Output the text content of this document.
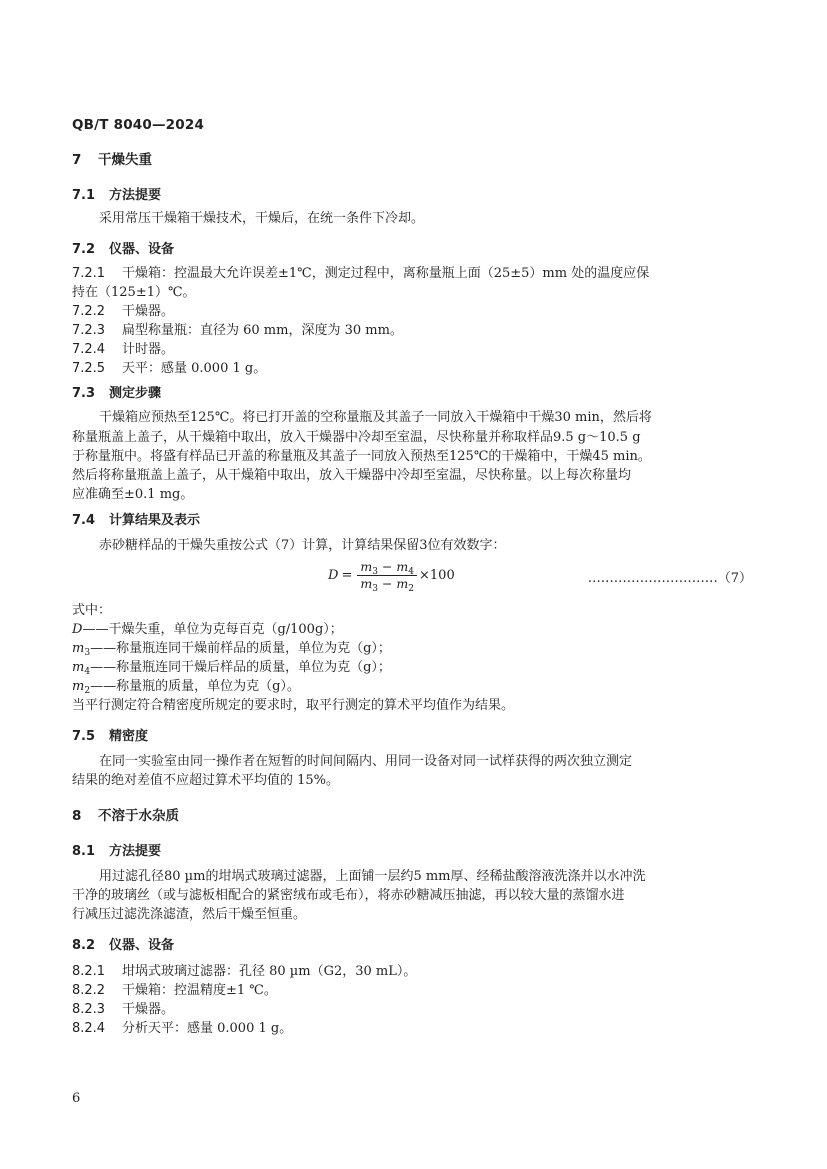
QB/T 8040—2024
7 干燥失重
7.1 方法提要

采用常压干燥箱干燥技术，干燥后，在统一条件下冷却。

7.2 仪器、设备

7.2.1 干燥箱：控温最大允许误差±1℃，测定过程中，离称量瓶上面（25±5）mm 处的温度应保

持在（125±1）℃。

7.2.2 干燥器。

7.2.3 扁型称量瓶：直径为 60 mm，深度为 30 mm。

7.2.4 计时器。

7.2.5 天平：感量 0.000 1 g。

7.3 测定步骤

干燥箱应预热至125℃。将已打开盖的空称量瓶及其盖子一同放入干燥箱中干燥30 min，然后将

称量瓶盖上盖子，从干燥箱中取出，放入干燥器中冷却至室温，尽快称量并称取样品9.5 g～10.5 g

于称量瓶中。将盛有样品已开盖的称量瓶及其盖子一同放入预热至125℃的干燥箱中，干燥45 min。

然后将称量瓶盖上盖子，从干燥箱中取出，放入干燥器中冷却至室温，尽快称量。以上每次称量均

应准确至±0.1 mg。

7.4 计算结果及表示

赤砂糖样品的干燥失重按公式（7）计算，计算结果保留3位有效数字：

$D = \frac{m_3 - m_4}{m_3 - m_2} \times 100$	…………………………（7）

式中：

D——干燥失重，单位为克每百克（g/100g）；

$m_3——$称量瓶连同干燥前样品的质量，单位为克（g）；

$m_4——$称量瓶连同干燥后样品的质量，单位为克（g）；

$m_2——$称量瓶的质量，单位为克（g）。

当平行测定符合精密度所规定的要求时，取平行测定的算术平均值作为结果。

7.5 精密度

在同一实验室由同一操作者在短暂的时间间隔内、用同一设备对同一试样获得的两次独立测定

结果的绝对差值不应超过算术平均值的 15%。

8 不溶于水杂质
8.1 方法提要

用过滤孔径80 µm的坩埚式玻璃过滤器，上面铺一层约5 mm厚、经稀盐酸溶液洗涤并以水冲洗

干净的玻璃丝（或与滤板相配合的紧密绒布或毛布），将赤砂糖减压抽滤，再以较大量的蒸馏水进

行减压过滤洗涤滤渣，然后干燥至恒重。

8.2 仪器、设备

8.2.1 坩埚式玻璃过滤器：孔径 80 µm（G2，30 mL）。

8.2.2 干燥箱：控温精度±1 ℃。

8.2.3 干燥器。

8.2.4 分析天平：感量 0.000 1 g。

6
